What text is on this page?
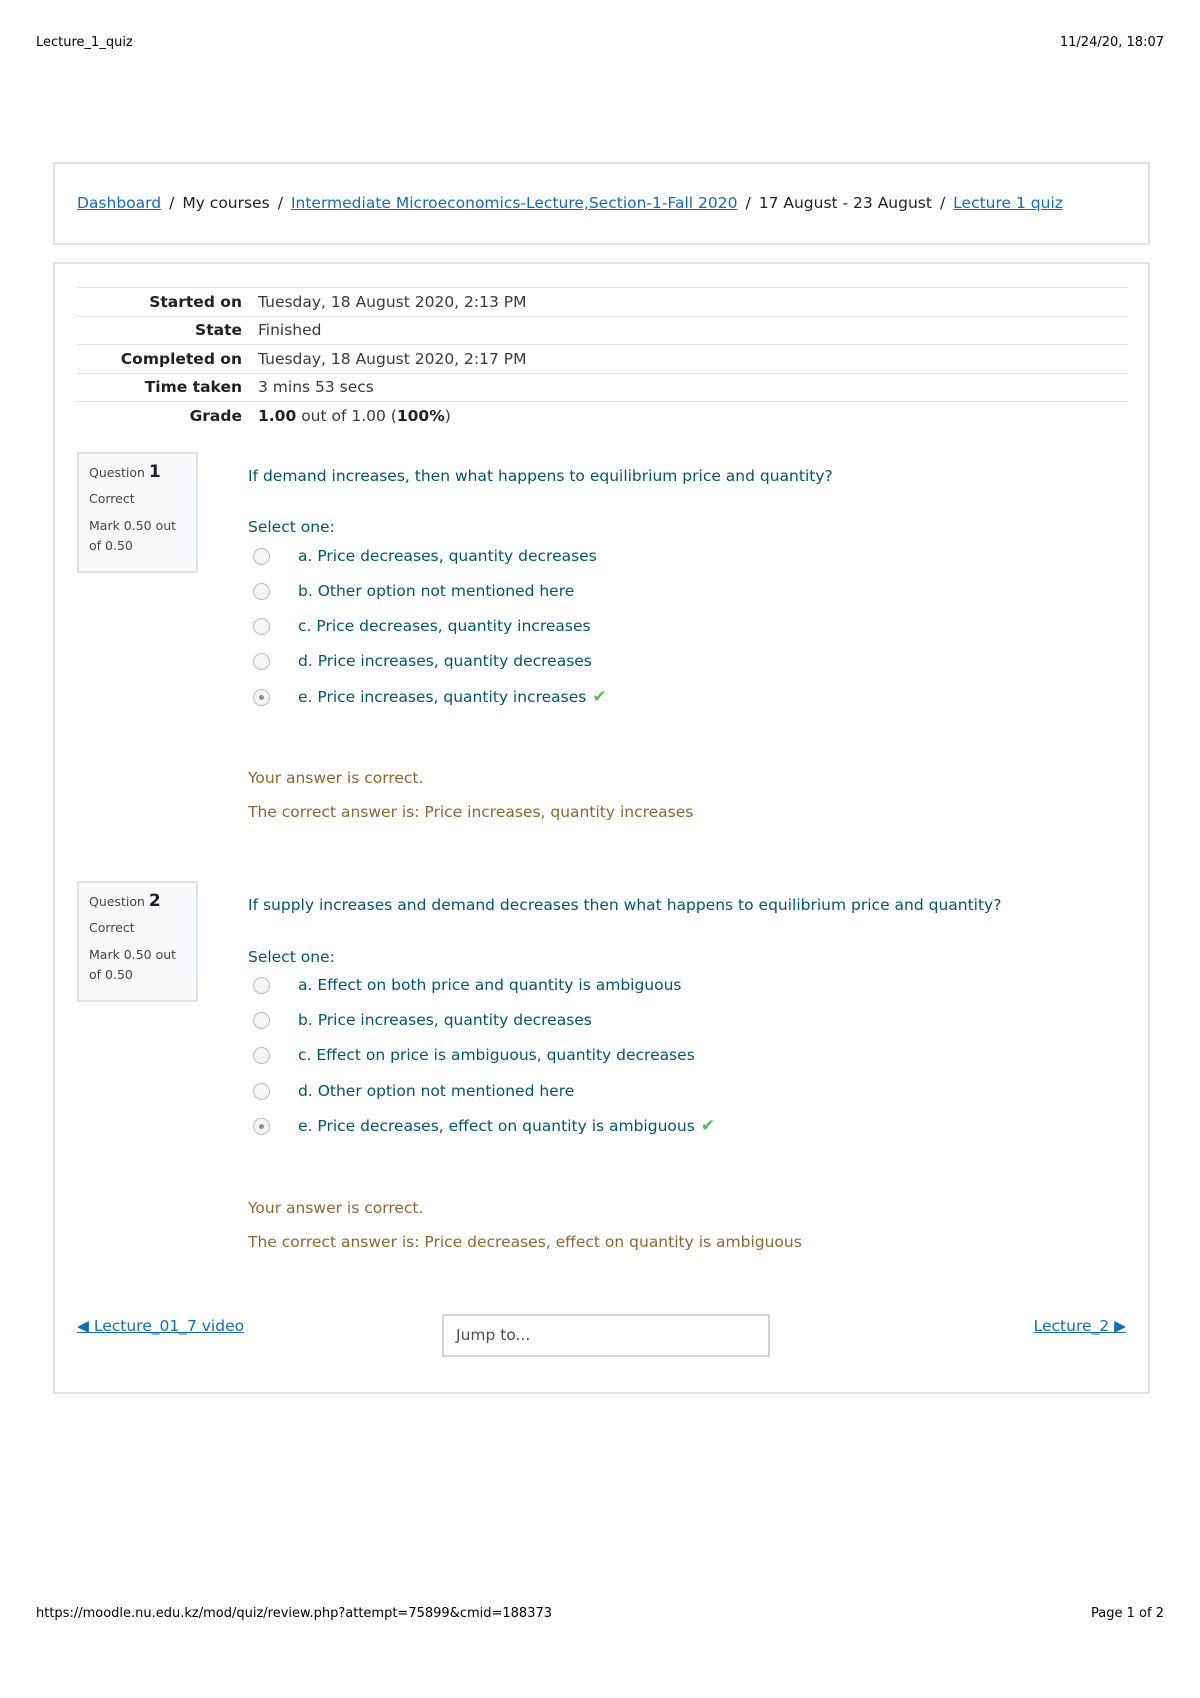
Lecture_1_quiz	11/24/20, 18:07
Dashboard / My courses / Intermediate Microeconomics-Lecture,Section-1-Fall 2020 / 17 August - 23 August / Lecture 1 quiz
Started on	Tuesday, 18 August 2020, 2:13 PM
State	Finished
Completed on	Tuesday, 18 August 2020, 2:17 PM
Time taken	3 mins 53 secs
Grade	1.00 out of 1.00 (100%)
Question 1
Correct
Mark 0.50 out of 0.50
If demand increases, then what happens to equilibrium price and quantity?
Select one:
a. Price decreases, quantity decreases
b. Other option not mentioned here
c. Price decreases, quantity increases
d. Price increases, quantity decreases
e. Price increases, quantity increases ✔
Your answer is correct.
The correct answer is: Price increases, quantity increases
Question 2
Correct
Mark 0.50 out of 0.50
If supply increases and demand decreases then what happens to equilibrium price and quantity?
Select one:
a. Effect on both price and quantity is ambiguous
b. Price increases, quantity decreases
c. Effect on price is ambiguous, quantity decreases
d. Other option not mentioned here
e. Price decreases, effect on quantity is ambiguous ✔
Your answer is correct.
The correct answer is: Price decreases, effect on quantity is ambiguous
◀ Lecture_01_7 video	Jump to...	Lecture_2 ▶
https://moodle.nu.edu.kz/mod/quiz/review.php?attempt=75899&cmid=188373	Page 1 of 2
